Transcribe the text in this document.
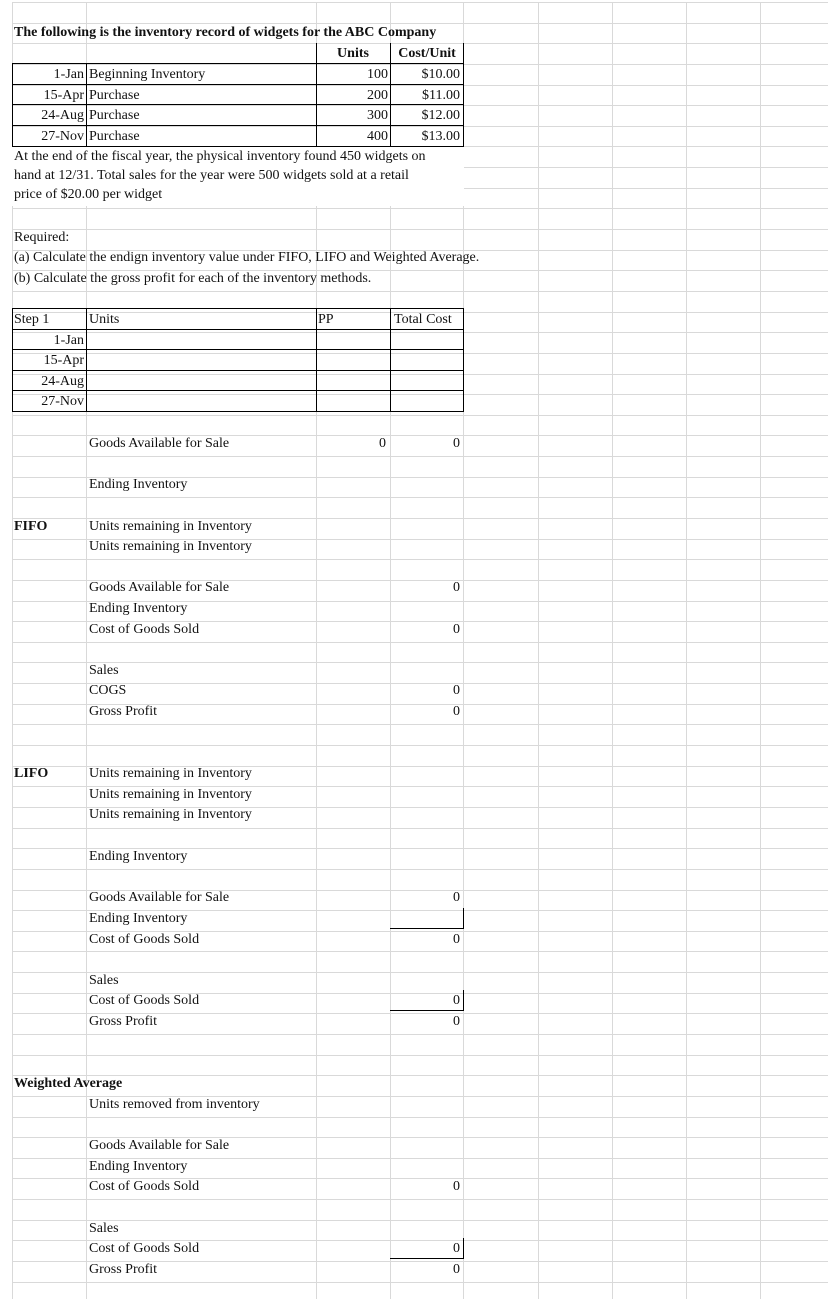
The following is the inventory record of widgets for the ABC Company
Units	Cost/Unit
1-Jan Beginning Inventory	100	$10.00
15-Apr Purchase	200	$11.00
24-Aug Purchase	300	$12.00
27-Nov Purchase	400	$13.00
At the end of the fiscal year, the physical inventory found 450 widgets on
hand at 12/31. Total sales for the year were 500 widgets sold at a retail
price of $20.00 per widget
Required:
(a) Calculate the endign inventory value under FIFO, LIFO and Weighted Average.
(b) Calculate the gross profit for each of the inventory methods.
Step 1	Units	PP	Total Cost
1-Jan
15-Apr
24-Aug
27-Nov
Goods Available for Sale	0	0
Ending Inventory
FIFO	Units remaining in Inventory
Units remaining in Inventory
Goods Available for Sale	0
Ending Inventory
Cost of Goods Sold	0
Sales
COGS	0
Gross Profit	0
LIFO	Units remaining in Inventory
Units remaining in Inventory
Units remaining in Inventory
Ending Inventory
Goods Available for Sale	0
Ending Inventory
Cost of Goods Sold	0
Sales
Cost of Goods Sold	0
Gross Profit	0
Weighted Average
Units removed from inventory
Goods Available for Sale
Ending Inventory
Cost of Goods Sold	0
Sales
Cost of Goods Sold	0
Gross Profit	0
